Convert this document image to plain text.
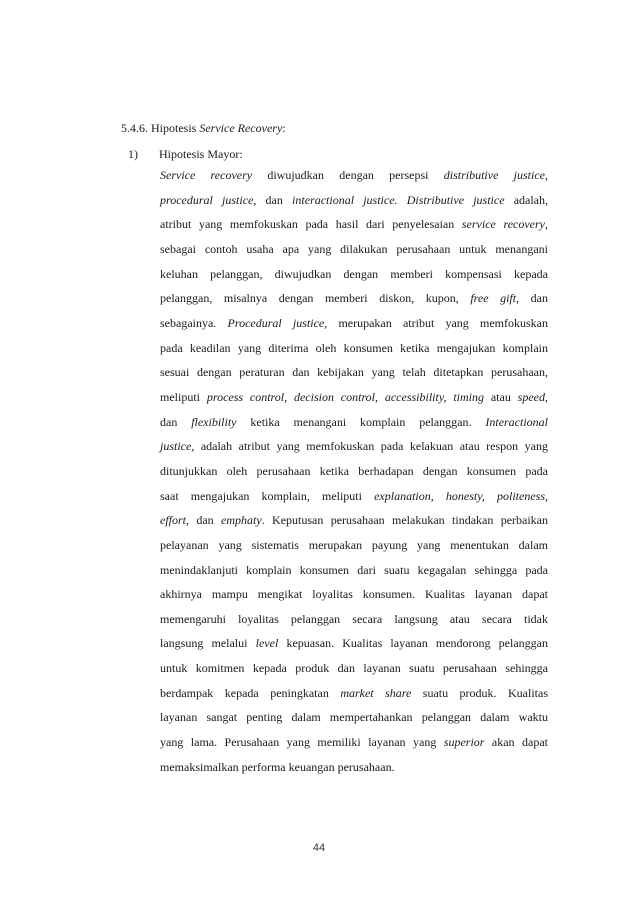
5.4.6. Hipotesis Service Recovery:
1) Hipotesis Mayor:
Service recovery diwujudkan dengan persepsi distributive justice,
procedural justice, dan interactional justice. Distributive justice adalah,
atribut yang memfokuskan pada hasil dari penyelesaian service recovery,
sebagai contoh usaha apa yang dilakukan perusahaan untuk menangani
keluhan pelanggan, diwujudkan dengan memberi kompensasi kepada
pelanggan, misalnya dengan memberi diskon, kupon, free gift, dan
sebagainya. Procedural justice, merupakan atribut yang memfokuskan
pada keadilan yang diterima oleh konsumen ketika mengajukan komplain
sesuai dengan peraturan dan kebijakan yang telah ditetapkan perusahaan,
meliputi process control, decision control, accessibility, timing atau speed,
dan flexibility ketika menangani komplain pelanggan. Interactional
justice, adalah atribut yang memfokuskan pada kelakuan atau respon yang
ditunjukkan oleh perusahaan ketika berhadapan dengan konsumen pada
saat mengajukan komplain, meliputi explanation, honesty, politeness,
effort, dan emphaty. Keputusan perusahaan melakukan tindakan perbaikan
pelayanan yang sistematis merupakan payung yang menentukan dalam
menindaklanjuti komplain konsumen dari suatu kegagalan sehingga pada
akhirnya mampu mengikat loyalitas konsumen. Kualitas layanan dapat
memengaruhi loyalitas pelanggan secara langsung atau secara tidak
langsung melalui level kepuasan. Kualitas layanan mendorong pelanggan
untuk komitmen kepada produk dan layanan suatu perusahaan sehingga
berdampak kepada peningkatan market share suatu produk. Kualitas
layanan sangat penting dalam mempertahankan pelanggan dalam waktu
yang lama. Perusahaan yang memiliki layanan yang superior akan dapat
memaksimalkan performa keuangan perusahaan.
44
